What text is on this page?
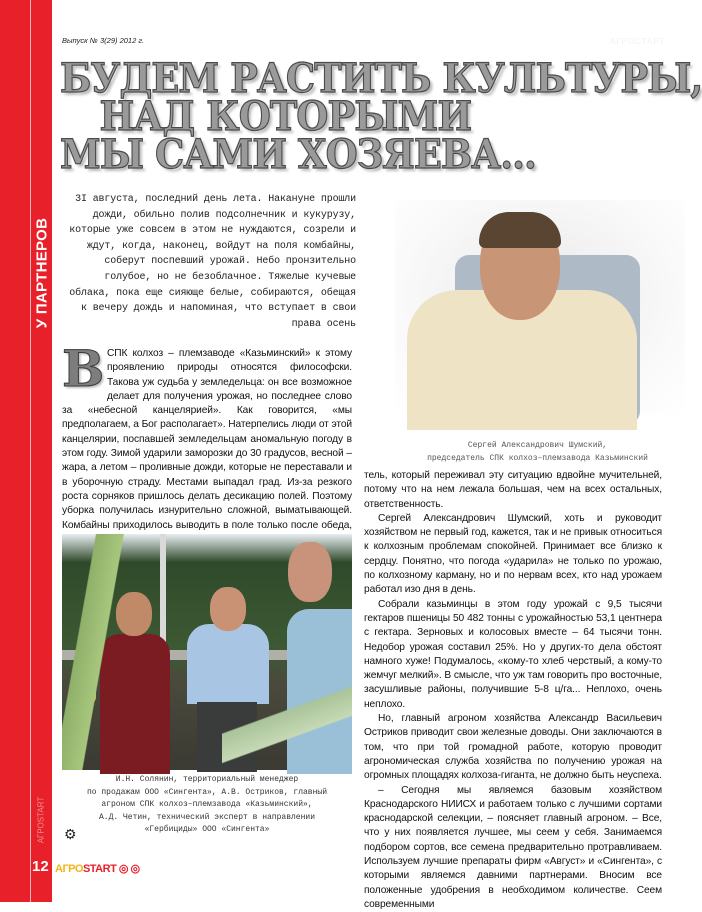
У ПАРТНЕРОВ
АГРОSTART
12
Выпуск № 3(29) 2012 г.	АГРОСТАРТ
БУДЕМ РАСТИТЬ КУЛЬТУРЫ,
НАД КОТОРЫМИ
МЫ САМИ ХОЗЯЕВА...
3I августа, последний день лета. Накануне прошли дожди, обильно полив подсолнечник и кукурузу, которые уже совсем в этом не нуждаются, созрели и ждут, когда, наконец, войдут на поля комбайны, соберут поспевший урожай. Небо пронзительно голубое, но не безоблачное. Тяжелые кучевые облака, пока еще сияюще белые, собираются, обещая к вечеру дождь и напоминая, что вступает в свои права осень
В СПК колхоз – племзаводе «Казьминский» к этому проявлению природы относятся философски. Такова уж судьба у земледельца: он все возможное делает для получения урожая, но последнее слово за «небесной канцелярией». Как говорится, «мы предполагаем, а Бог располагает». Натерпелись люди от этой канцелярии, поспавшей земледельцам аномальную погоду в этом году. Зимой ударили заморозки до 30 градусов, весной – жара, а летом – проливные дожди, которые не переставали и в уборочную страду. Местами выпадал град. Из-за резкого роста сорняков пришлось делать десикацию полей. Поэтому уборка получилась изнурительно сложной, выматывающей. Комбайны приходилось выводить в поле только после обеда,
Сергей Александрович Шумский,
председатель СПК колхоз–племзавода Казьминский

тель, который переживал эту ситуацию вдвойне мучительней, потому что на нем лежала большая, чем на всех остальных, ответственность.

Сергей Александрович Шумский, хоть и руководит хозяйством не первый год, кажется, так и не привык относиться к колхозным проблемам спокойней. Принимает все близко к сердцу. Понятно, что погода «ударила» не только по урожаю, по колхозному карману, но и по нервам всех, кто над урожаем работал изо дня в день.

Собрали казьминцы в этом году урожай с 9,5 тысячи гектаров пшеницы 50 482 тонны с урожайностью 53,1 центнера с гектара. Зерновых и колосовых вместе – 64 тысячи тонн. Недобор урожая составил 25%. Но у других-то дела обстоят намного хуже! Подумалось, «кому-то хлеб черствый, а кому-то жемчуг мелкий». В смысле, что уж там говорить про восточные, засушливые районы, получившие 5-8 ц/га... Неплохо, очень неплохо.

Но, главный агроном хозяйства Александр Васильевич Остриков приводит свои железные доводы. Они заключаются в том, что при той громадной работе, которую проводит агрономическая служба хозяйства по получению урожая на огромных площадях колхоза-гиганта, не должно быть неуспеха.

– Сегодня мы являемся базовым хозяйством Краснодарского НИИСХ и работаем только с лучшими сортами краснодарской селекции, – поясняет главный агроном. – Все, что у них появляется лучшее, мы сеем у себя. Занимаемся подбором сортов, все семена предварительно протравливаем. Используем лучшие препараты фирм «Август» и «Сингента», с которыми являемся давними партнерами. Вносим все положенные удобрения в необходимом количестве. Сеем современными

И.Н. Солянин, территориальный менеджер
по продажам ООО «Сингента», А.В. Остриков, главный
агроном СПК колхоз–племзавода «Казьминский»,
А.Д. Четин, технический эксперт в направлении
«Гербициды» ООО «Сингента»
⚙
АГРОSTART ◎ ◎
